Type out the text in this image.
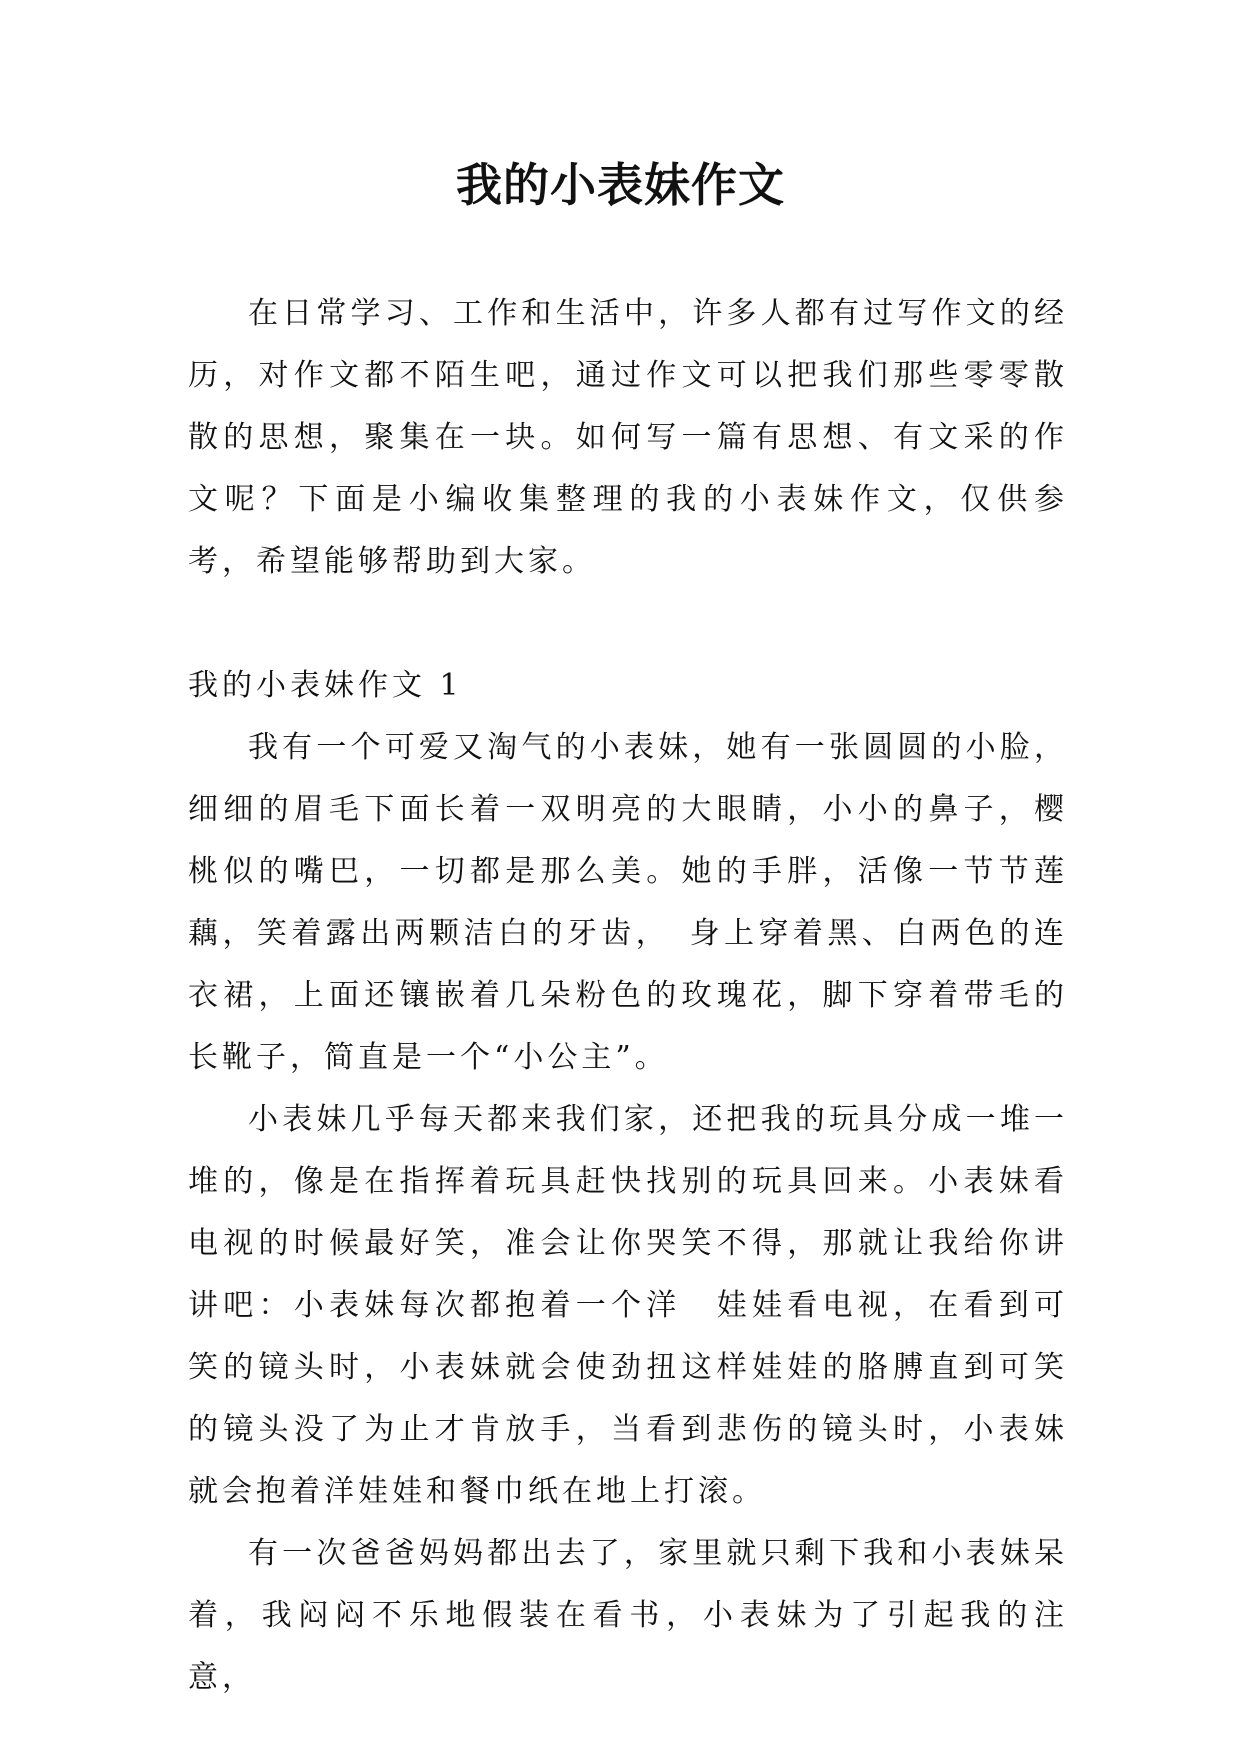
我的小表妹作文

在日常学习、工作和生活中，许多人都有过写作文的经历，对作文都不陌生吧，通过作文可以把我们那些零零散散的思想，聚集在一块。如何写一篇有思想、有文采的作文呢？下面是小编收集整理的我的小表妹作文，仅供参考，希望能够帮助到大家。

我的小表妹作文 1

我有一个可爱又淘气的小表妹，她有一张圆圆的小脸，细细的眉毛下面长着一双明亮的大眼睛，小小的鼻子，樱桃似的嘴巴，一切都是那么美。她的手胖，活像一节节莲藕，笑着露出两颗洁白的牙齿，　身上穿着黑、白两色的连衣裙，上面还镶嵌着几朵粉色的玫瑰花，脚下穿着带毛的长靴子，简直是一个“小公主”。

小表妹几乎每天都来我们家，还把我的玩具分成一堆一堆的，像是在指挥着玩具赶快找别的玩具回来。小表妹看电视的时候最好笑，准会让你哭笑不得，那就让我给你讲讲吧：小表妹每次都抱着一个洋　娃娃看电视，在看到可笑的镜头时，小表妹就会使劲扭这样娃娃的胳膊直到可笑的镜头没了为止才肯放手，当看到悲伤的镜头时，小表妹就会抱着洋娃娃和餐巾纸在地上打滚。

有一次爸爸妈妈都出去了，家里就只剩下我和小表妹呆着，我闷闷不乐地假装在看书，小表妹为了引起我的注意，
